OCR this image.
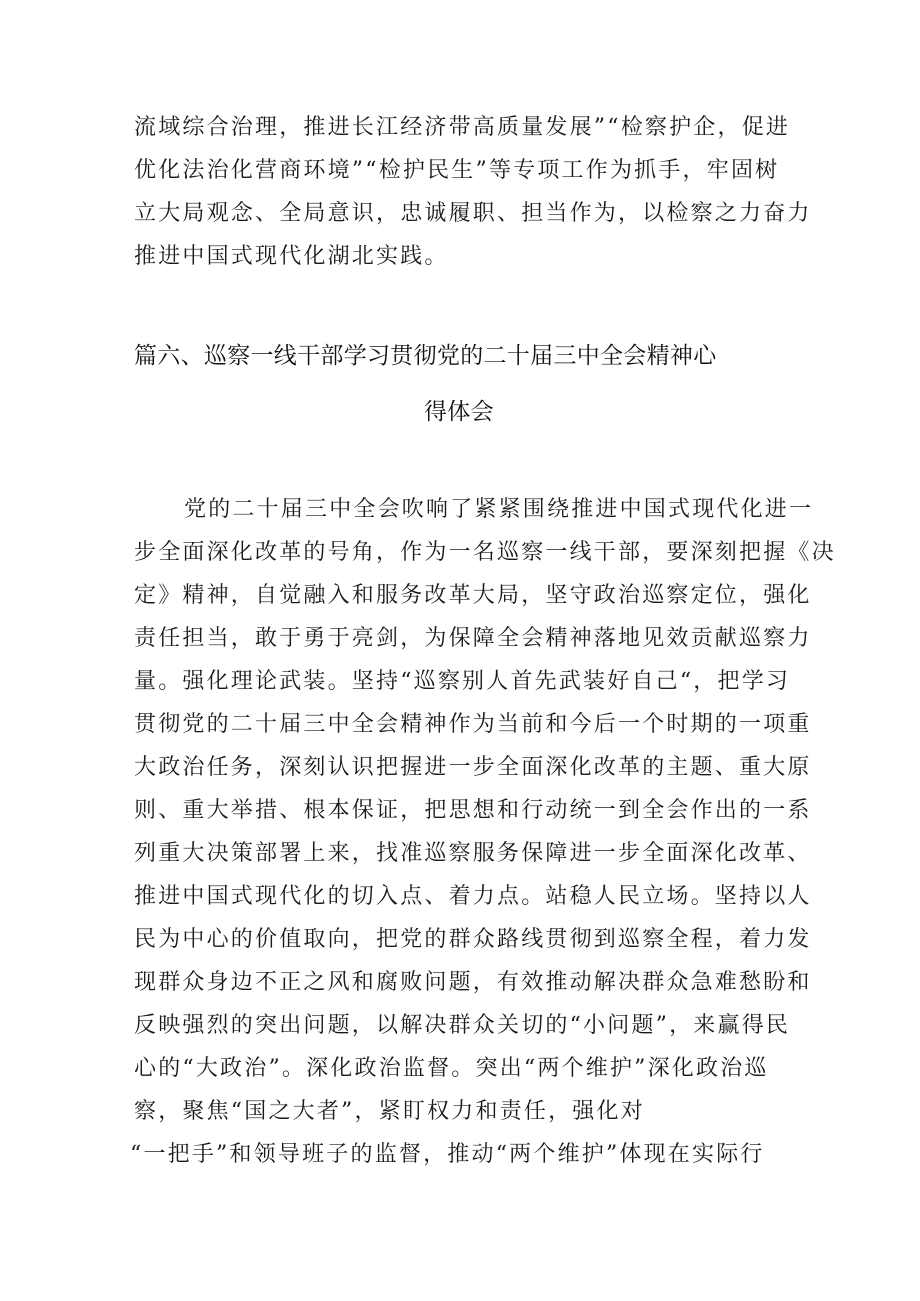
流域综合治理，推进长江经济带高质量发展”“检察护企，促进
优化法治化营商环境”“检护民生”等专项工作为抓手，牢固树
立大局观念、全局意识，忠诚履职、担当作为，以检察之力奋力
推进中国式现代化湖北实践。
篇六、巡察一线干部学习贯彻党的二十届三中全会精神心
得体会
党的二十届三中全会吹响了紧紧围绕推进中国式现代化进一
步全面深化改革的号角，作为一名巡察一线干部，要深刻把握《决
定》精神，自觉融入和服务改革大局，坚守政治巡察定位，强化
责任担当，敢于勇于亮剑，为保障全会精神落地见效贡献巡察力
量。强化理论武装。坚持“巡察别人首先武装好自己“，把学习
贯彻党的二十届三中全会精神作为当前和今后一个时期的一项重
大政治任务，深刻认识把握进一步全面深化改革的主题、重大原
则、重大举措、根本保证，把思想和行动统一到全会作出的一系
列重大决策部署上来，找准巡察服务保障进一步全面深化改革、
推进中国式现代化的切入点、着力点。站稳人民立场。坚持以人
民为中心的价值取向，把党的群众路线贯彻到巡察全程，着力发
现群众身边不正之风和腐败问题，有效推动解决群众急难愁盼和
反映强烈的突出问题，以解决群众关切的“小问题”，来赢得民
心的“大政治”。深化政治监督。突出“两个维护”深化政治巡
察，聚焦“国之大者”，紧盯权力和责任，强化对
“一把手”和领导班子的监督，推动“两个维护”体现在实际行
